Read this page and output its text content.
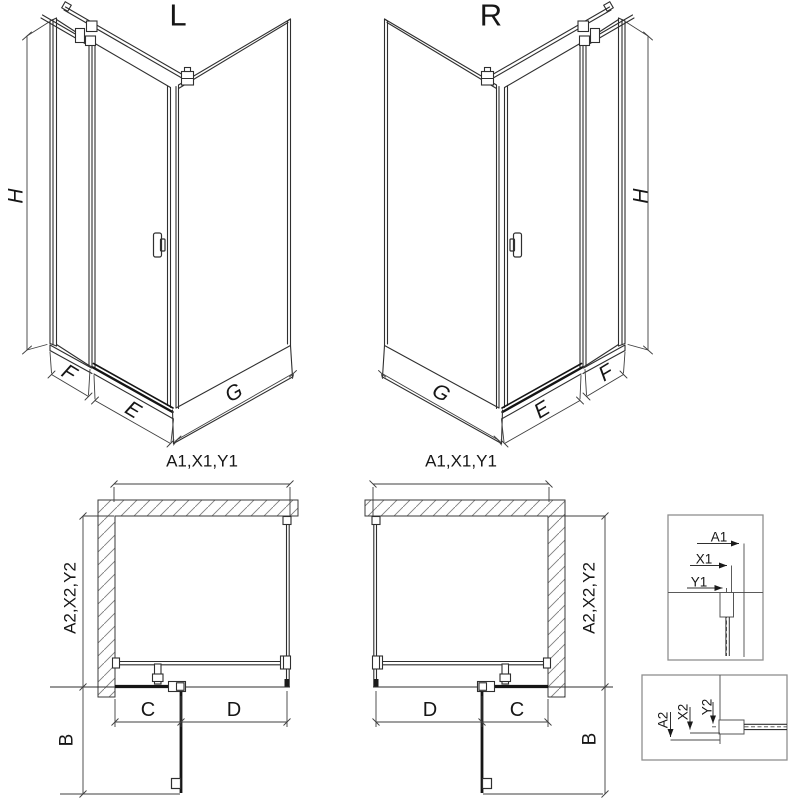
L
H
F
E
G
R
H
F
E
G
A1,X1,Y1
A2,X2,Y2
C	D
B
A1,X1,Y1
A2,X2,Y2
D	C
B
A1
X1
Y1
A2 X2 Y2
